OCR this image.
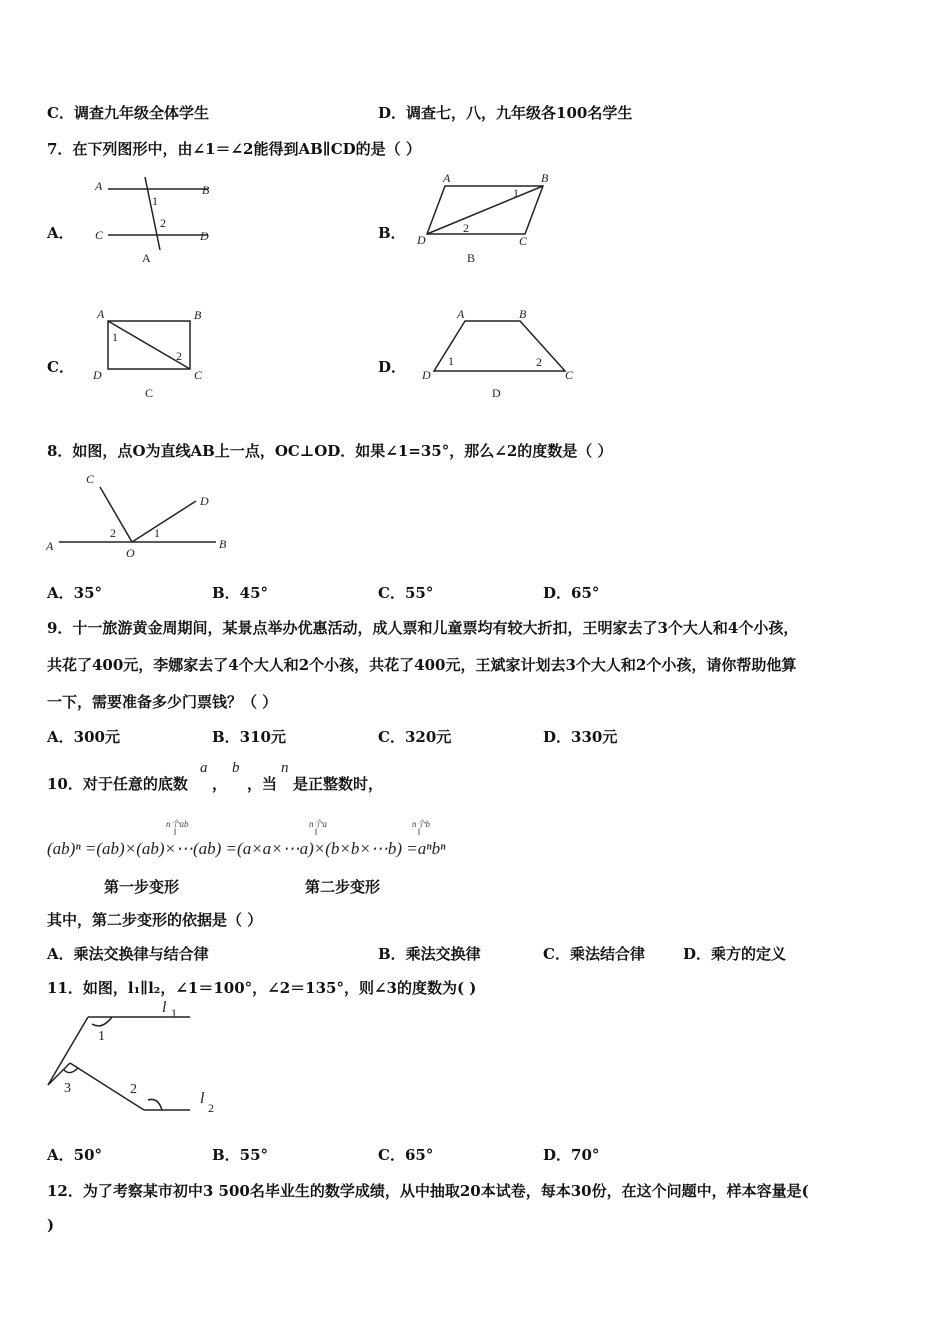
C．调查九年级全体学生	D．调查七，八，九年级各100名学生
7．在下列图形中，由∠1＝∠2能得到AB∥CD的是（ ）
A．
A	B
C	D
1
2
A
B．
A	B
C
D
1
2
B
C．
A	B
C
D
1
2
C
D．
A	B
C
D
1	2
D
8．如图，点O为直线AB上一点，OC⊥OD．如果∠1=35°，那么∠2的度数是（ ）
A	B
C
D
O
1
2
A．35°	B．45°	C．55°	D．65°
9．十一旅游黄金周期间，某景点举办优惠活动，成人票和儿童票均有较大折扣，王明家去了3个大人和4个小孩，
共花了400元，李娜家去了4个大人和2个小孩，共花了400元，王斌家计划去3个大人和2个小孩，请你帮助他算
一下，需要准备多少门票钱？（ ）
A．300元	B．310元	C．320元	D．330元
10．对于任意的底数
a
，
b
，当
n
是正整数时，
n个ab
‖
n个a
‖
n个b
‖
(ab)ⁿ =(ab)×(ab)×⋯(ab) =(a×a×⋯a)×(b×b×⋯b) =aⁿbⁿ
第一步变形	第二步变形
其中，第二步变形的依据是（ ）
A．乘法交换律与结合律	B．乘法交换律	C．乘法结合律	D．乘方的定义
11．如图，l₁∥l₂，∠1＝100°，∠2＝135°，则∠3的度数为( )
l 1
l
2
1
2
3
A．50°	B．55°	C．65°	D．70°
12．为了考察某市初中3 500名毕业生的数学成绩，从中抽取20本试卷，每本30份，在这个问题中，样本容量是(
)
